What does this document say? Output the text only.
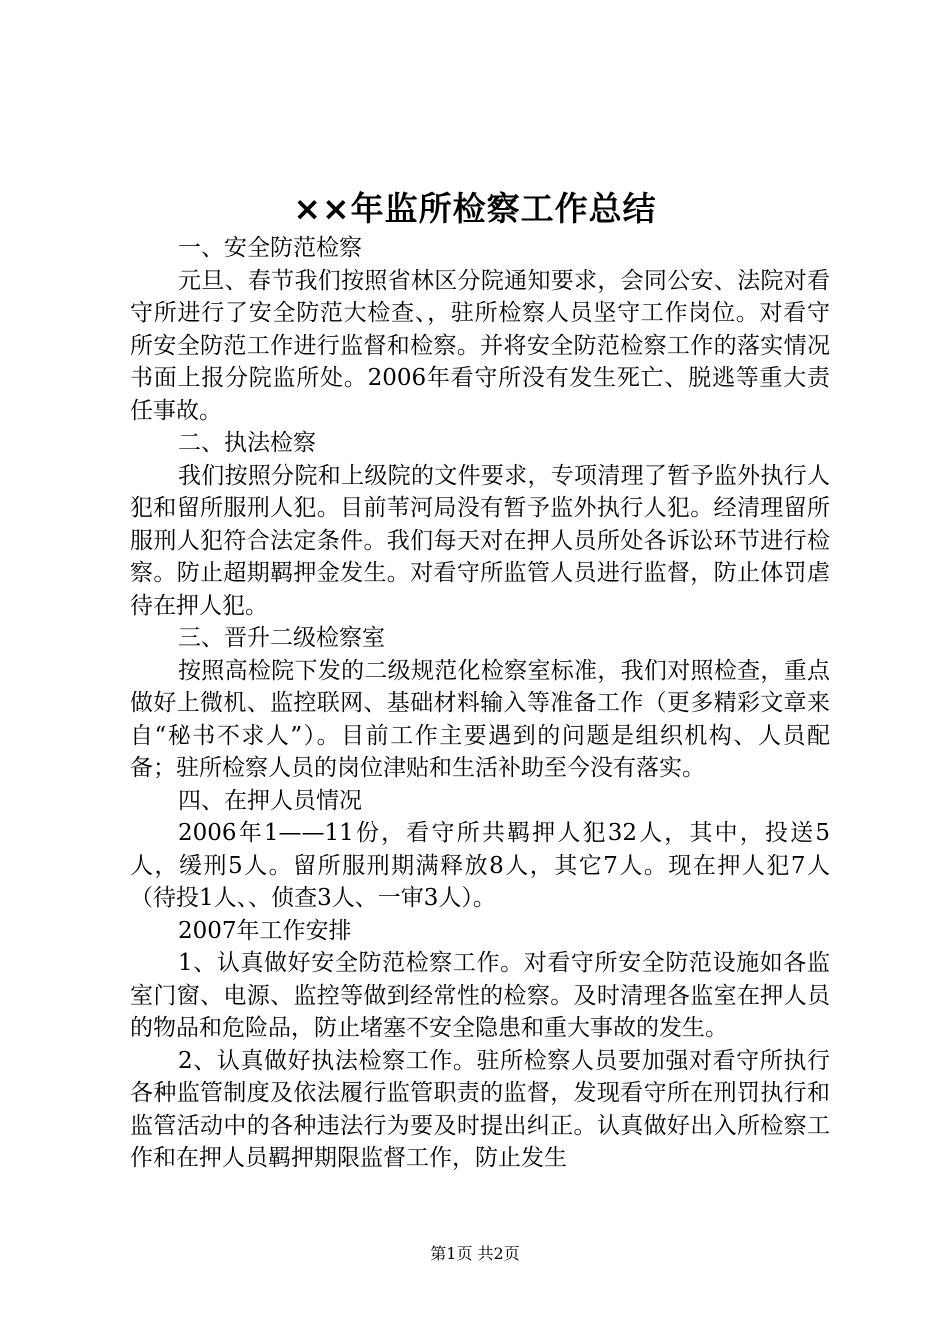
××年监所检察工作总结

一、安全防范检察

元旦、春节我们按照省林区分院通知要求，会同公安、法院对看守所进行了安全防范大检查、，驻所检察人员坚守工作岗位。对看守所安全防范工作进行监督和检察。并将安全防范检察工作的落实情况书面上报分院监所处。2006年看守所没有发生死亡、脱逃等重大责任事故。

二、执法检察

我们按照分院和上级院的文件要求，专项清理了暂予监外执行人犯和留所服刑人犯。目前苇河局没有暂予监外执行人犯。经清理留所服刑人犯符合法定条件。我们每天对在押人员所处各诉讼环节进行检察。防止超期羁押金发生。对看守所监管人员进行监督，防止体罚虐待在押人犯。

三、晋升二级检察室

按照高检院下发的二级规范化检察室标准，我们对照检查，重点做好上微机、监控联网、基础材料输入等准备工作（更多精彩文章来自“秘书不求人”）。目前工作主要遇到的问题是组织机构、人员配备；驻所检察人员的岗位津贴和生活补助至今没有落实。

四、在押人员情况

2006年1——11份，看守所共羁押人犯32人，其中，投送5人，缓刑5人。留所服刑期满释放8人，其它7人。现在押人犯7人（待投1人、、侦查3人、一审3人）。

2007年工作安排

1、认真做好安全防范检察工作。对看守所安全防范设施如各监室门窗、电源、监控等做到经常性的检察。及时清理各监室在押人员的物品和危险品，防止堵塞不安全隐患和重大事故的发生。

2、认真做好执法检察工作。驻所检察人员要加强对看守所执行各种监管制度及依法履行监管职责的监督，发现看守所在刑罚执行和监管活动中的各种违法行为要及时提出纠正。认真做好出入所检察工作和在押人员羁押期限监督工作，防止发生

第1页 共2页
